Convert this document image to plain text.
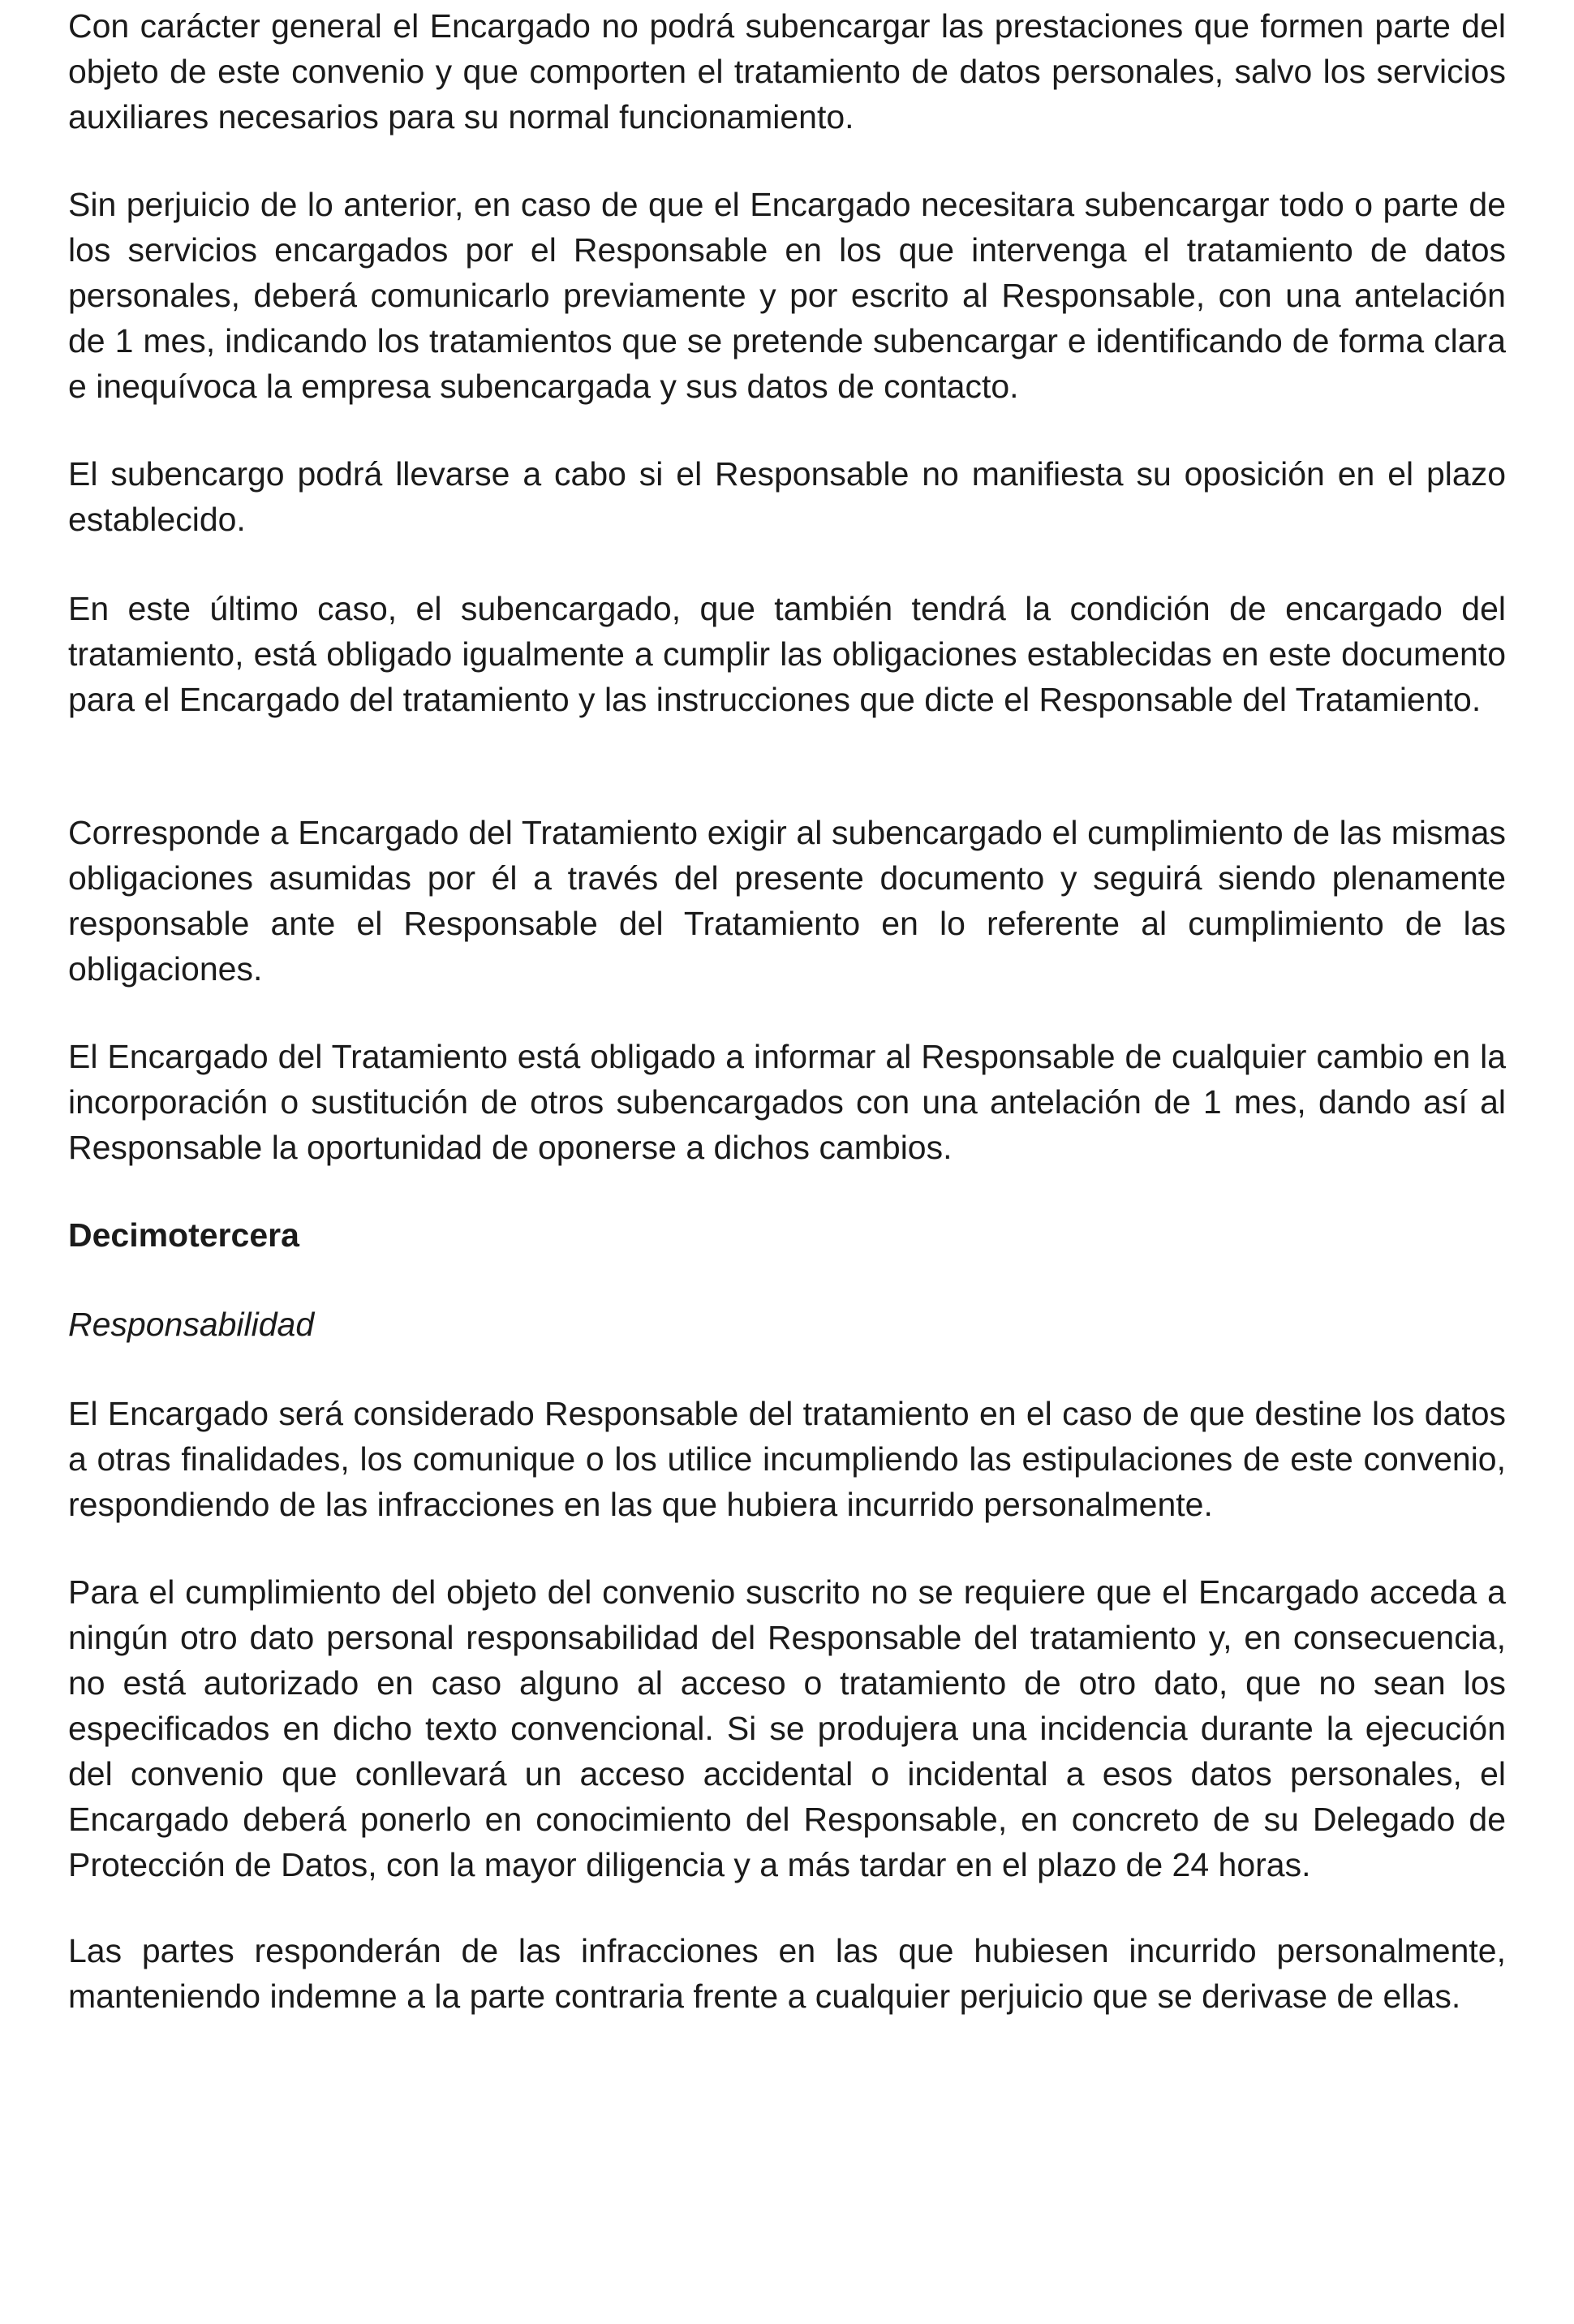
Con carácter general el Encargado no podrá subencargar las prestaciones que formen parte del objeto de este convenio y que comporten el tratamiento de datos personales, salvo los servicios auxiliares necesarios para su normal funcionamiento.

Sin perjuicio de lo anterior, en caso de que el Encargado necesitara subencargar todo o parte de los servicios encargados por el Responsable en los que intervenga el tratamiento de datos personales, deberá comunicarlo previamente y por escrito al Responsable, con una antelación de 1 mes, indicando los tratamientos que se pretende subencargar e identificando de forma clara e inequívoca la empresa subencargada y sus datos de contacto.

El subencargo podrá llevarse a cabo si el Responsable no manifiesta su oposición en el plazo establecido.

En este último caso, el subencargado, que también tendrá la condición de encargado del tratamiento, está obligado igualmente a cumplir las obligaciones establecidas en este documento para el Encargado del tratamiento y las instrucciones que dicte el Responsable del Tratamiento.

Corresponde a Encargado del Tratamiento exigir al subencargado el cumplimiento de las mismas obligaciones asumidas por él a través del presente documento y seguirá siendo plenamente responsable ante el Responsable del Tratamiento en lo referente al cumplimiento de las obligaciones.

El Encargado del Tratamiento está obligado a informar al Responsable de cualquier cambio en la incorporación o sustitución de otros subencargados con una antelación de 1 mes, dando así al Responsable la oportunidad de oponerse a dichos cambios.

Decimotercera

Responsabilidad

El Encargado será considerado Responsable del tratamiento en el caso de que destine los datos a otras finalidades, los comunique o los utilice incumpliendo las estipulaciones de este convenio, respondiendo de las infracciones en las que hubiera incurrido personalmente.

Para el cumplimiento del objeto del convenio suscrito no se requiere que el Encargado acceda a ningún otro dato personal responsabilidad del Responsable del tratamiento y, en consecuencia, no está autorizado en caso alguno al acceso o tratamiento de otro dato, que no sean los especificados en dicho texto convencional. Si se produjera una incidencia durante la ejecución del convenio que conllevará un acceso accidental o incidental a esos datos personales, el Encargado deberá ponerlo en conocimiento del Responsable, en concreto de su Delegado de Protección de Datos, con la mayor diligencia y a más tardar en el plazo de 24 horas.

Las partes responderán de las infracciones en las que hubiesen incurrido personalmente, manteniendo indemne a la parte contraria frente a cualquier perjuicio que se derivase de ellas.
